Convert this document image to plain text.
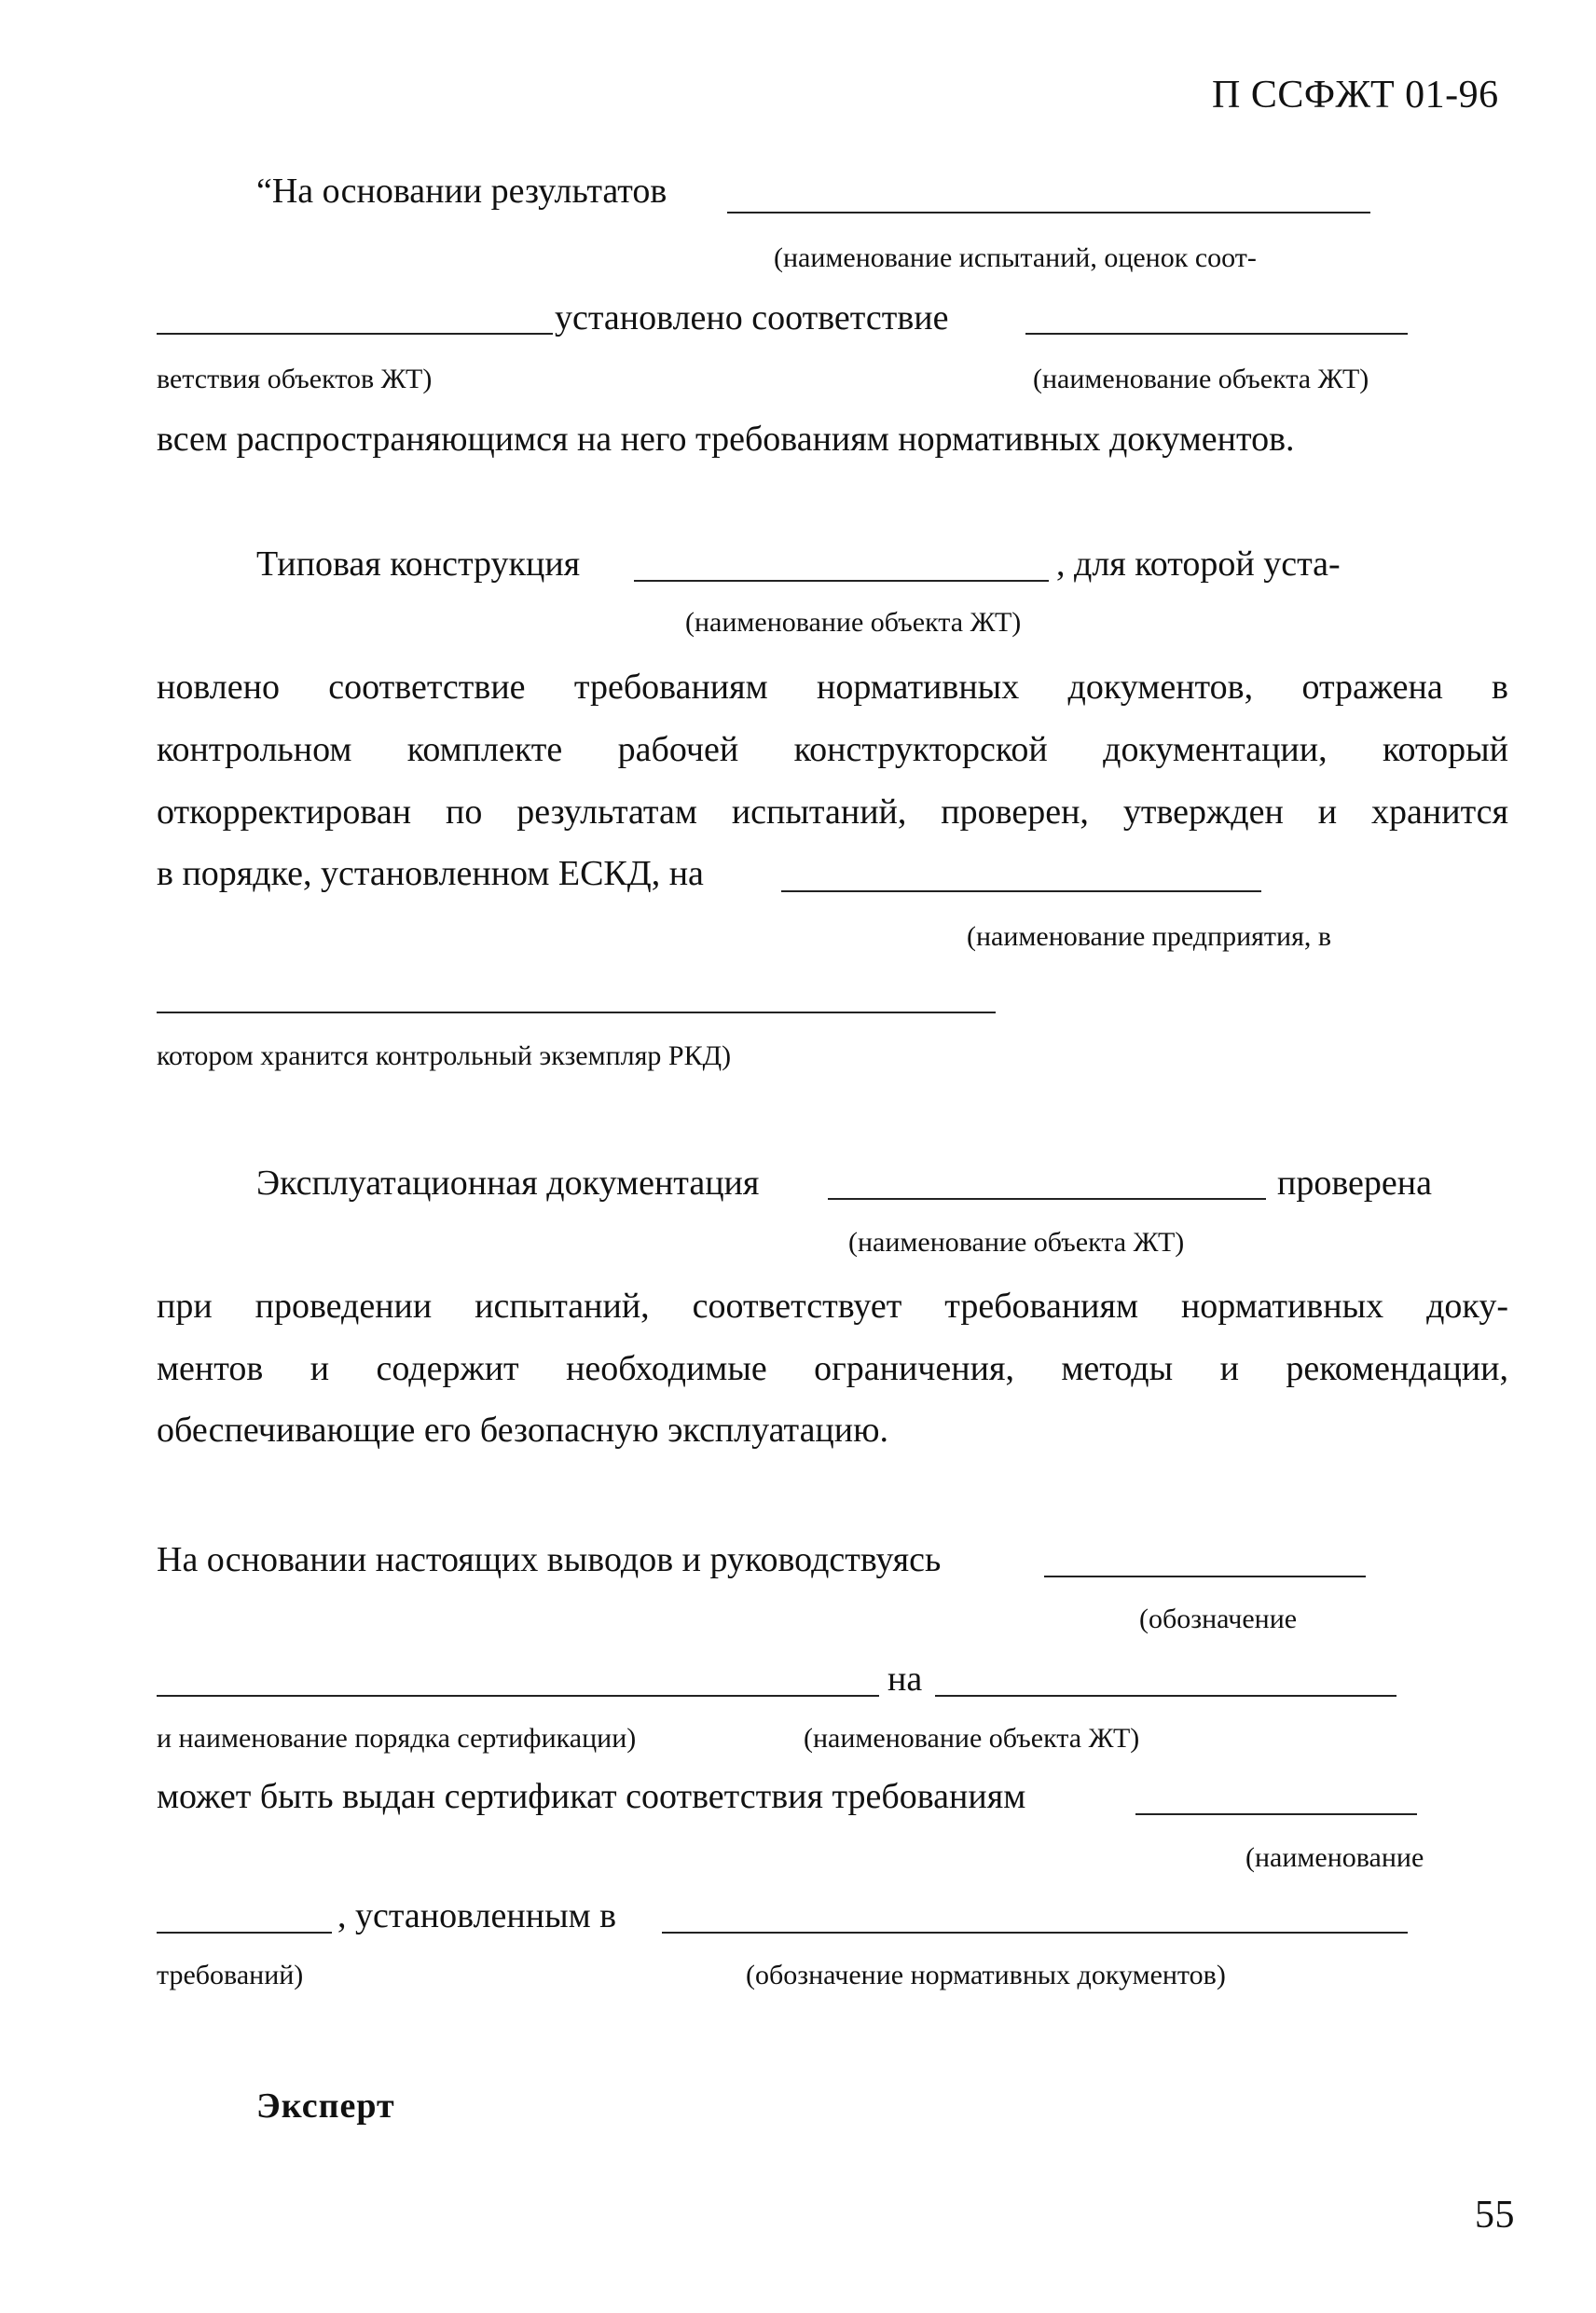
П ССФЖТ 01-96
“На основании результатов
(наименование испытаний, оценок соот-
установлено соответствие
ветствия объектов ЖТ)	(наименование объекта ЖТ)
всем распространяющимся на него требованиям нормативных документов.
Типовая конструкция	, для которой уста-
(наименование объекта ЖТ)
новлено соответствие требованиям нормативных документов, отражена в
контрольном комплекте рабочей конструкторской документации, который
откорректирован по результатам испытаний, проверен, утвержден и хранится
в порядке, установленном ЕСКД, на
(наименование предприятия, в
котором хранится контрольный экземпляр РКД)
Эксплуатационная документация	проверена
(наименование объекта ЖТ)
при проведении испытаний, соответствует требованиям нормативных доку-
ментов и содержит необходимые ограничения, методы и рекомендации,
обеспечивающие его безопасную эксплуатацию.
На основании настоящих выводов и руководствуясь
(обозначение
на
и наименование порядка сертификации)	(наименование объекта ЖТ)
может быть выдан сертификат соответствия требованиям
(наименование
, установленным в
требований)	(обозначение нормативных документов)
Эксперт
55
